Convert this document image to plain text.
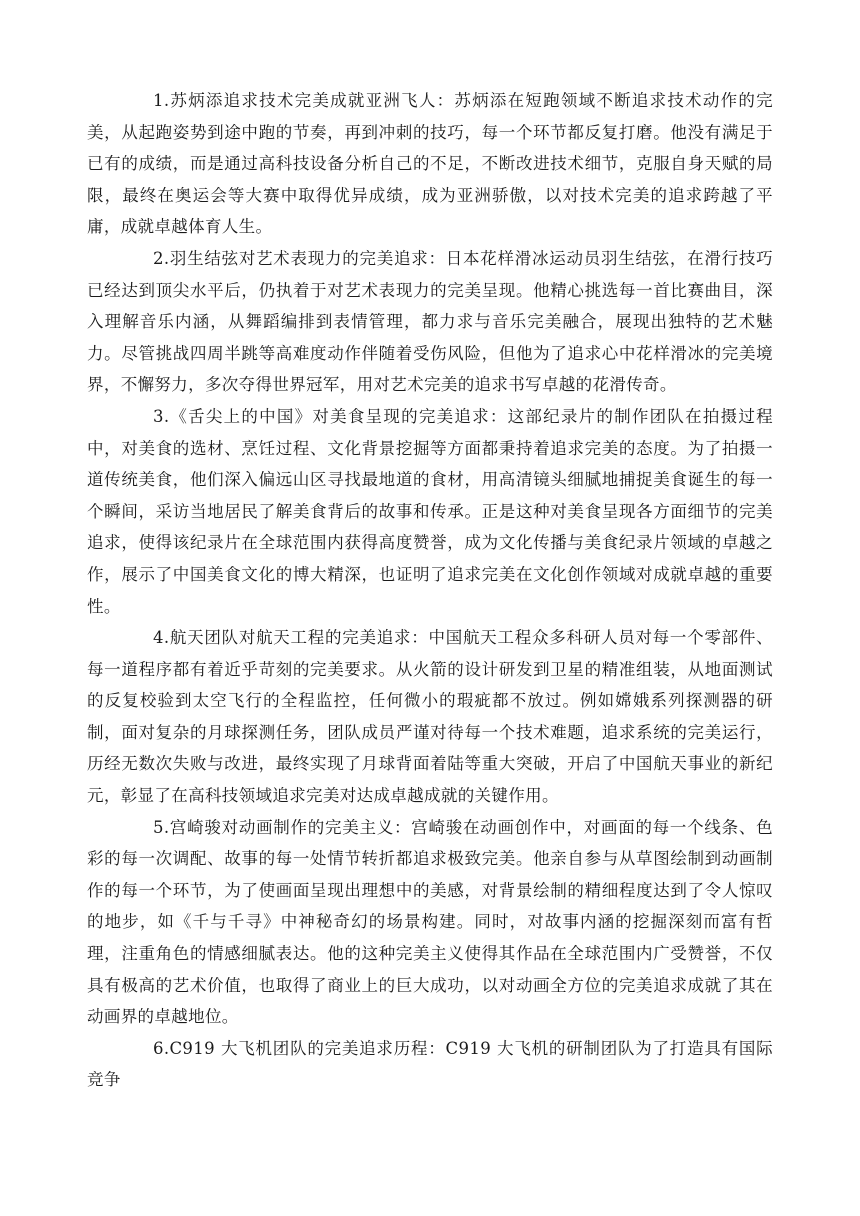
1.苏炳添追求技术完美成就亚洲飞人：苏炳添在短跑领域不断追求技术动作的完美，从起跑姿势到途中跑的节奏，再到冲刺的技巧，每一个环节都反复打磨。他没有满足于已有的成绩，而是通过高科技设备分析自己的不足，不断改进技术细节，克服自身天赋的局限，最终在奥运会等大赛中取得优异成绩，成为亚洲骄傲，以对技术完美的追求跨越了平庸，成就卓越体育人生。

2.羽生结弦对艺术表现力的完美追求：日本花样滑冰运动员羽生结弦，在滑行技巧已经达到顶尖水平后，仍执着于对艺术表现力的完美呈现。他精心挑选每一首比赛曲目，深入理解音乐内涵，从舞蹈编排到表情管理，都力求与音乐完美融合，展现出独特的艺术魅力。尽管挑战四周半跳等高难度动作伴随着受伤风险，但他为了追求心中花样滑冰的完美境界，不懈努力，多次夺得世界冠军，用对艺术完美的追求书写卓越的花滑传奇。

3.《舌尖上的中国》对美食呈现的完美追求：这部纪录片的制作团队在拍摄过程中，对美食的选材、烹饪过程、文化背景挖掘等方面都秉持着追求完美的态度。为了拍摄一道传统美食，他们深入偏远山区寻找最地道的食材，用高清镜头细腻地捕捉美食诞生的每一个瞬间，采访当地居民了解美食背后的故事和传承。正是这种对美食呈现各方面细节的完美追求，使得该纪录片在全球范围内获得高度赞誉，成为文化传播与美食纪录片领域的卓越之作，展示了中国美食文化的博大精深，也证明了追求完美在文化创作领域对成就卓越的重要性。

4.航天团队对航天工程的完美追求：中国航天工程众多科研人员对每一个零部件、每一道程序都有着近乎苛刻的完美要求。从火箭的设计研发到卫星的精准组装，从地面测试的反复校验到太空飞行的全程监控，任何微小的瑕疵都不放过。例如嫦娥系列探测器的研制，面对复杂的月球探测任务，团队成员严谨对待每一个技术难题，追求系统的完美运行，历经无数次失败与改进，最终实现了月球背面着陆等重大突破，开启了中国航天事业的新纪元，彰显了在高科技领域追求完美对达成卓越成就的关键作用。

5.宫崎骏对动画制作的完美主义：宫崎骏在动画创作中，对画面的每一个线条、色彩的每一次调配、故事的每一处情节转折都追求极致完美。他亲自参与从草图绘制到动画制作的每一个环节，为了使画面呈现出理想中的美感，对背景绘制的精细程度达到了令人惊叹的地步，如《千与千寻》中神秘奇幻的场景构建。同时，对故事内涵的挖掘深刻而富有哲理，注重角色的情感细腻表达。他的这种完美主义使得其作品在全球范围内广受赞誉，不仅具有极高的艺术价值，也取得了商业上的巨大成功，以对动画全方位的完美追求成就了其在动画界的卓越地位。

6.C919 大飞机团队的完美追求历程：C919 大飞机的研制团队为了打造具有国际竞争
